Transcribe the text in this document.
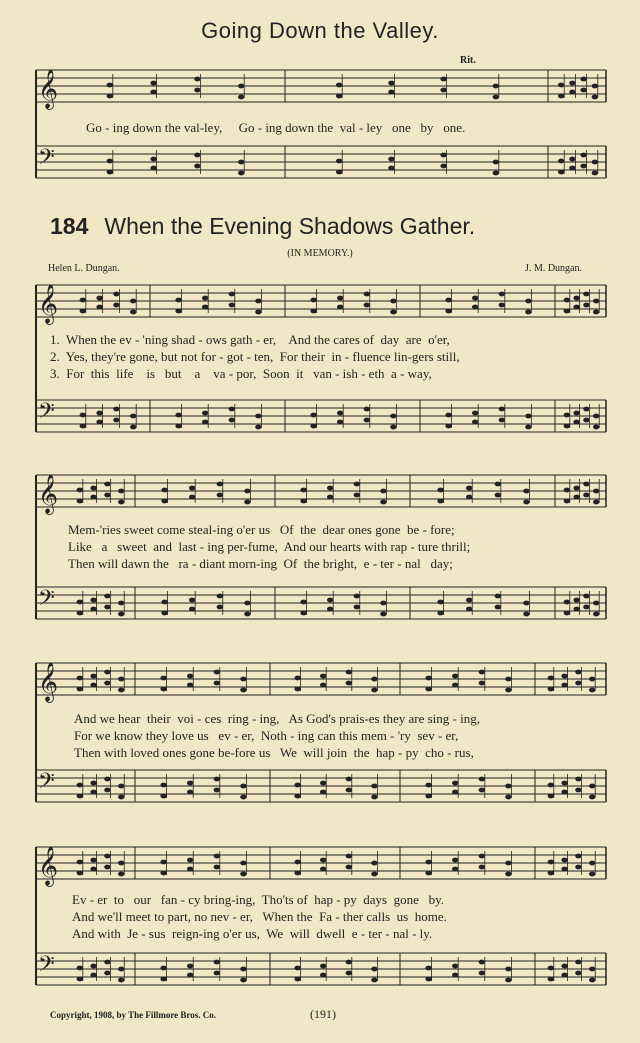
Going Down the Valley.
Rit.
𝄞
𝄢
𝄞
𝄢
𝄞
𝄢
𝄞
𝄢
𝄞
𝄢
Go - ing down the val-ley,     Go - ing down the  val - ley   one   by   one.
184 When the Evening Shadows Gather.
(IN MEMORY.)
Helen L. Dungan.	J. M. Dungan.
1.  When the ev - 'ning shad - ows gath - er,    And the cares of  day  are  o'er,
2.  Yes, they're gone, but not for - got - ten,  For their  in - fluence lin-gers still,
3.  For  this  life    is   but    a    va - por,  Soon  it   van - ish - eth  a - way,
Mem-'ries sweet come steal-ing o'er us   Of  the  dear ones gone  be - fore;
Like   a   sweet  and  last - ing per-fume,  And our hearts with rap - ture thrill;
Then will dawn the   ra - diant morn-ing  Of  the bright,  e - ter - nal   day;
And we hear  their  voi - ces  ring - ing,   As God's prais-es they are sing - ing,
For we know they love us   ev - er,  Noth - ing can this mem - 'ry  sev - er,
Then with loved ones gone be-fore us   We  will join  the  hap - py  cho - rus,
Ev - er  to   our   fan - cy bring-ing,  Tho'ts of  hap - py  days  gone   by.
And we'll meet to part, no nev - er,   When the  Fa - ther calls  us  home.
And with  Je - sus  reign-ing o'er us,  We  will  dwell  e - ter - nal - ly.
Copyright, 1908, by The Fillmore Bros. Co.	(191)
